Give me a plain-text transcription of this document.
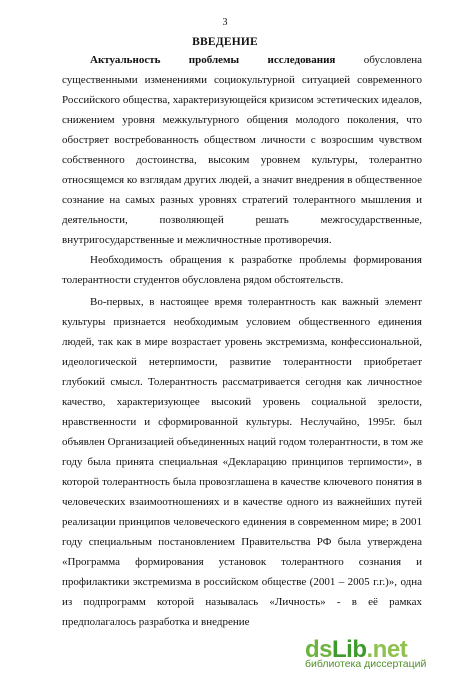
3
ВВЕДЕНИЕ
Актуальность проблемы исследования	обусловлена
существенными изменениями социокультурной ситуацией современного
Российского общества, характеризующейся кризисом эстетических идеалов,
снижением уровня межкультурного общения молодого поколения, что
обостряет востребованность обществом личности с возросшим чувством
собственного достоинства, высоким уровнем культуры, толерантно
относящемся ко взглядам других людей, а значит внедрения в общественное
сознание на самых разных уровнях стратегий толерантного мышления и
деятельности, позволяющей решать межгосударственные,
внутригосударственные и межличностные противоречия.
Необходимость обращения к разработке проблемы формирования
толерантности студентов обусловлена рядом обстоятельств.
Во-первых, в настоящее время толерантность как важный элемент
культуры признается необходимым условием общественного единения
людей, так как в мире возрастает уровень экстремизма, конфессиональной,
идеологической нетерпимости, развитие толерантности приобретает
глубокий смысл. Толерантность рассматривается сегодня как личностное
качество, характеризующее высокий уровень социальной зрелости,
нравственности и сформированной культуры. Неслучайно, 1995г. был
объявлен Организацией объединенных наций годом толерантности, в том же
году была принята специальная «Декларацию принципов терпимости», в
которой толерантность была провозглашена в качестве ключевого понятия в
человеческих взаимоотношениях и в качестве одного из важнейших путей
реализации принципов человеческого единения в современном мире; в 2001
году специальным постановлением Правительства РФ была утверждена
«Программа формирования установок толерантного сознания и
профилактики экстремизма в российском обществе (2001 – 2005 г.г.)», одна
из подпрограмм которой называлась «Личность» - в её рамках
предполагалось разработка и внедрение
dsLib.net
библиотека диссертаций
